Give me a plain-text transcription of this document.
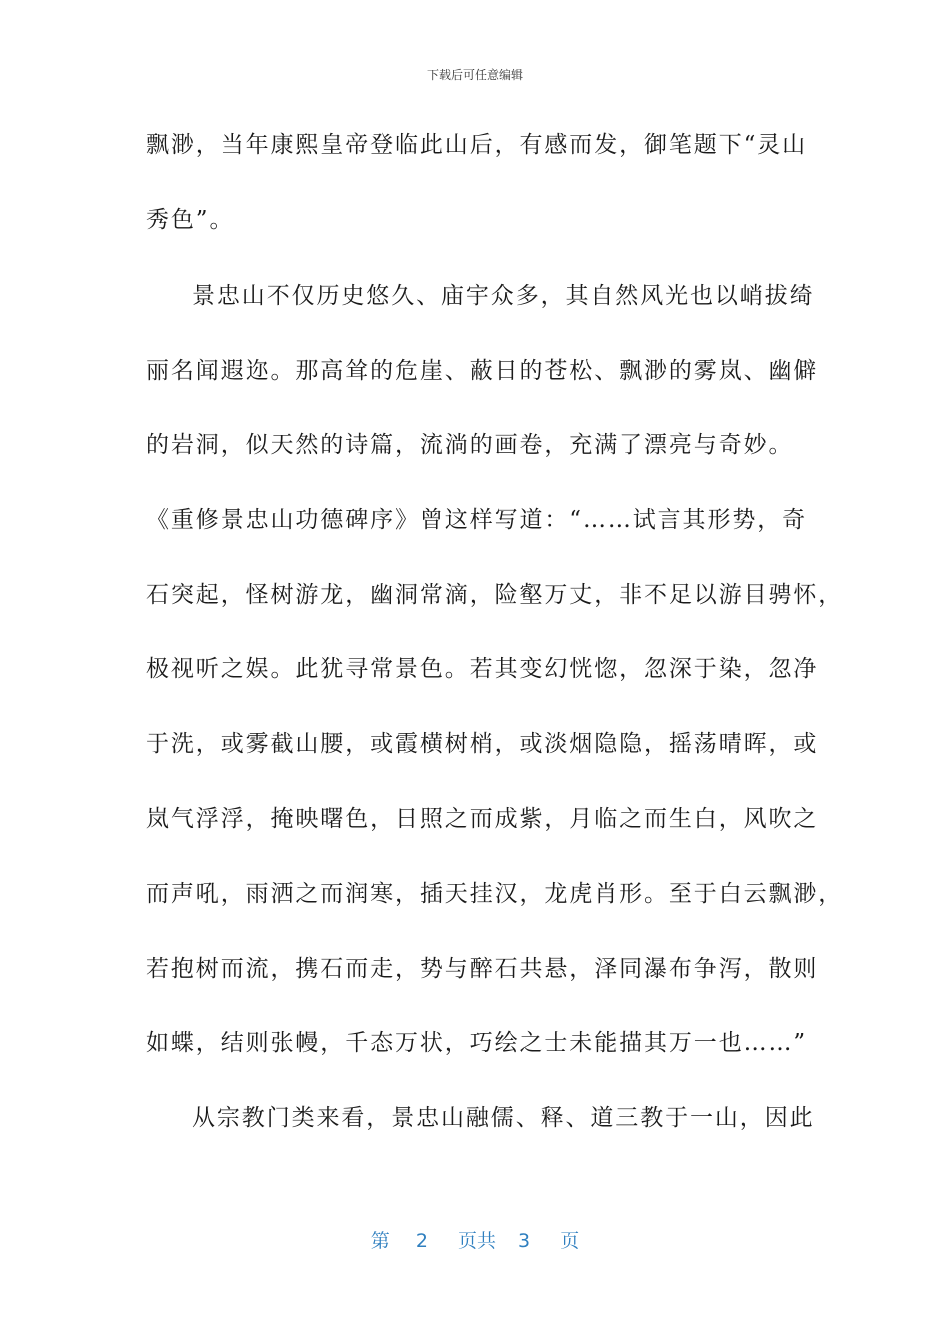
下载后可任意编辑
飘渺，当年康熙皇帝登临此山后，有感而发，御笔题下“灵山
秀色”。
景忠山不仅历史悠久、庙宇众多，其自然风光也以峭拔绮
丽名闻遐迩。那高耸的危崖、蔽日的苍松、飘渺的雾岚、幽僻
的岩洞，似天然的诗篇，流淌的画卷，充满了漂亮与奇妙。
《重修景忠山功德碑序》曾这样写道：“……试言其形势，奇
石突起，怪树游龙，幽洞常滴，险壑万丈，非不足以游目骋怀，
极视听之娱。此犹寻常景色。若其变幻恍惚，忽深于染，忽净
于洗，或雾截山腰，或霞横树梢，或淡烟隐隐，摇荡晴晖，或
岚气浮浮，掩映曙色，日照之而成紫，月临之而生白，风吹之
而声吼，雨洒之而润寒，插天挂汉，龙虎肖形。至于白云飘渺，
若抱树而流，携石而走，势与醉石共悬，泽同瀑布争泻，散则
如蝶，结则张幔，千态万状，巧绘之士未能描其万一也……”
从宗教门类来看，景忠山融儒、释、道三教于一山，因此
第 2 页共 3 页
